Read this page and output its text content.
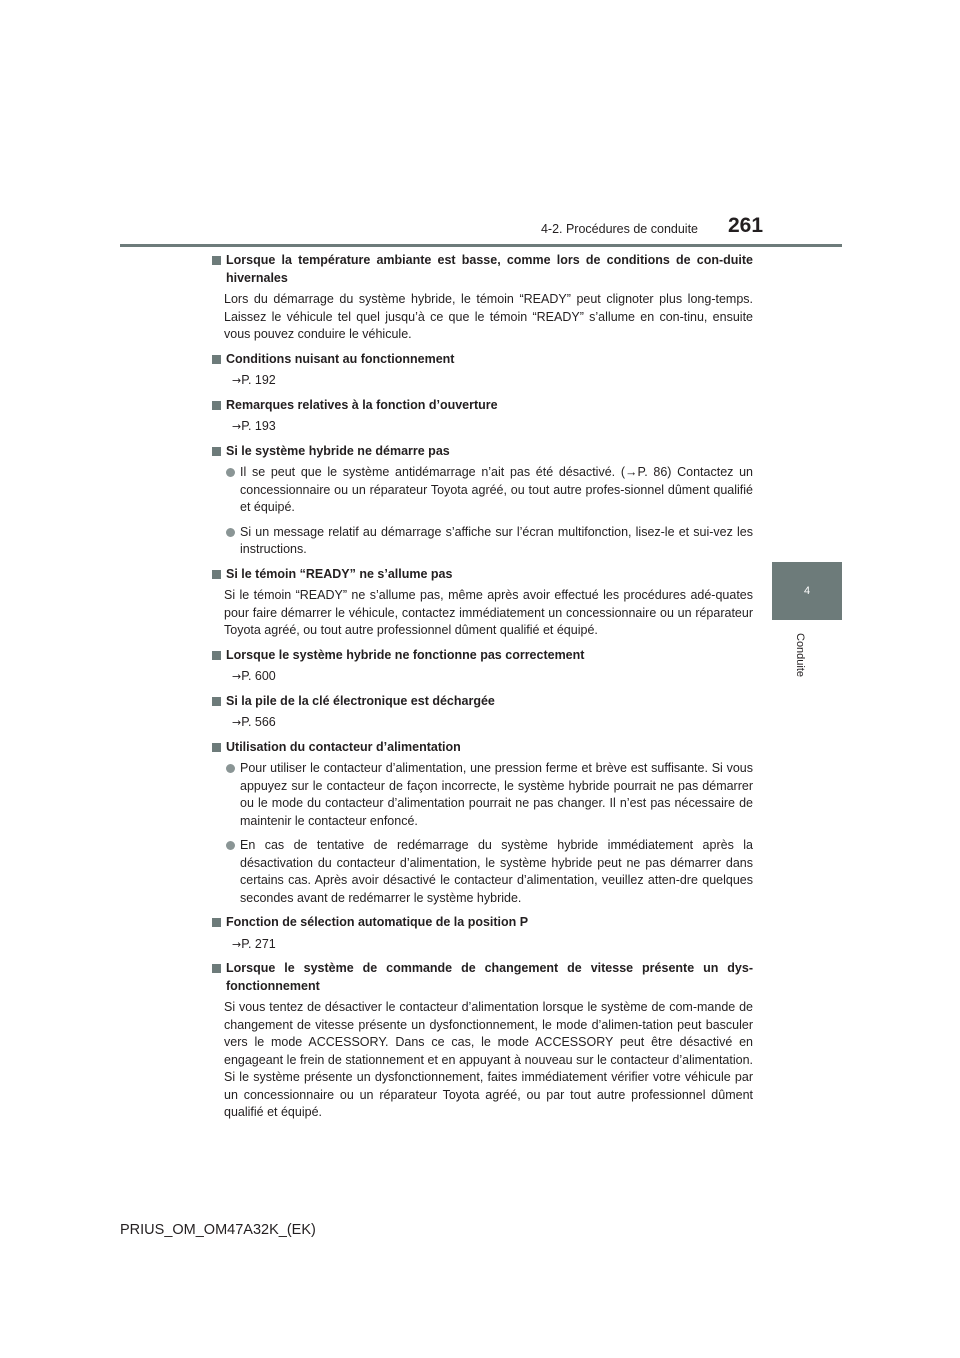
4-2. Procédures de conduite 261
4
Conduite
Lorsque la température ambiante est basse, comme lors de conditions de con-duite hivernales
Lors du démarrage du système hybride, le témoin “READY” peut clignoter plus long-temps. Laissez le véhicule tel quel jusqu’à ce que le témoin “READY” s’allume en con-tinu, ensuite vous pouvez conduire le véhicule.
Conditions nuisant au fonctionnement
→P. 192
Remarques relatives à la fonction d’ouverture
→P. 193
Si le système hybride ne démarre pas
Il se peut que le système antidémarrage n’ait pas été désactivé. (→P. 86) Contactez un concessionnaire ou un réparateur Toyota agréé, ou tout autre profes-sionnel dûment qualifié et équipé.
Si un message relatif au démarrage s’affiche sur l’écran multifonction, lisez-le et sui-vez les instructions.
Si le témoin “READY” ne s’allume pas
Si le témoin “READY” ne s’allume pas, même après avoir effectué les procédures adé-quates pour faire démarrer le véhicule, contactez immédiatement un concessionnaire ou un réparateur Toyota agréé, ou tout autre professionnel dûment qualifié et équipé.
Lorsque le système hybride ne fonctionne pas correctement
→P. 600
Si la pile de la clé électronique est déchargée
→P. 566
Utilisation du contacteur d’alimentation
Pour utiliser le contacteur d’alimentation, une pression ferme et brève est suffisante. Si vous appuyez sur le contacteur de façon incorrecte, le système hybride pourrait ne pas démarrer ou le mode du contacteur d’alimentation pourrait ne pas changer. Il n’est pas nécessaire de maintenir le contacteur enfoncé.
En cas de tentative de redémarrage du système hybride immédiatement après la désactivation du contacteur d’alimentation, le système hybride peut ne pas démarrer dans certains cas. Après avoir désactivé le contacteur d’alimentation, veuillez atten-dre quelques secondes avant de redémarrer le système hybride.
Fonction de sélection automatique de la position P
→P. 271
Lorsque le système de commande de changement de vitesse présente un dys-fonctionnement
Si vous tentez de désactiver le contacteur d’alimentation lorsque le système de com-mande de changement de vitesse présente un dysfonctionnement, le mode d’alimen-tation peut basculer vers le mode ACCESSORY. Dans ce cas, le mode ACCESSORY peut être désactivé en engageant le frein de stationnement et en appuyant à nouveau sur le contacteur d’alimentation. Si le système présente un dysfonctionnement, faites immédiatement vérifier votre véhicule par un concessionnaire ou un réparateur Toyota agréé, ou par tout autre professionnel dûment qualifié et équipé.
PRIUS_OM_OM47A32K_(EK)
